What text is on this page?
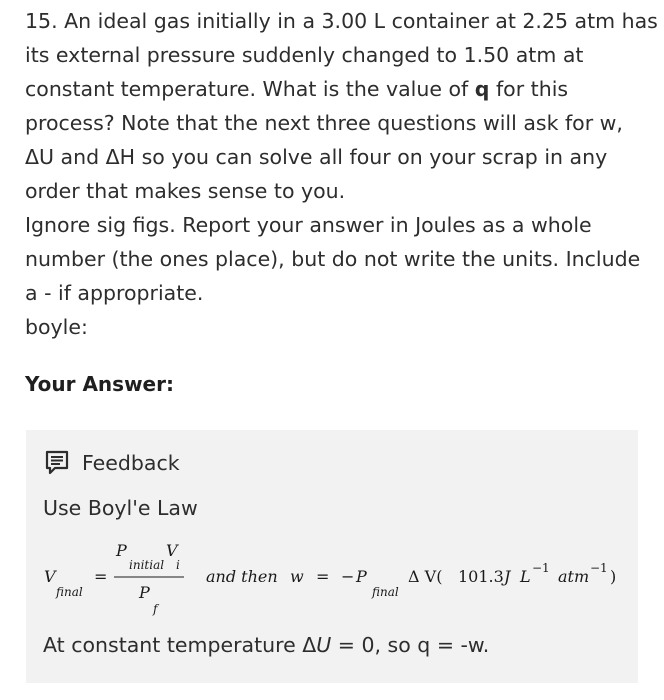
15. An ideal gas initially in a 3.00 L container at 2.25 atm has
its external pressure suddenly changed to 1.50 atm at
constant temperature. What is the value of q for this
process? Note that the next three questions will ask for w,
ΔU and ΔH so you can solve all four on your scrap in any
order that makes sense to you.
Ignore sig figs. Report your answer in Joules as a whole
number (the ones place), but do not write the units. Include
a - if appropriate.
boyle:
Your Answer:
Feedback
Use Boyl'e Law
V
final
=
P
initial
V
i
P
f
and then w = − P
final
Δ V( 101.3 J L −1 atm −1 )
At constant temperature ΔU = 0, so q = -w.
